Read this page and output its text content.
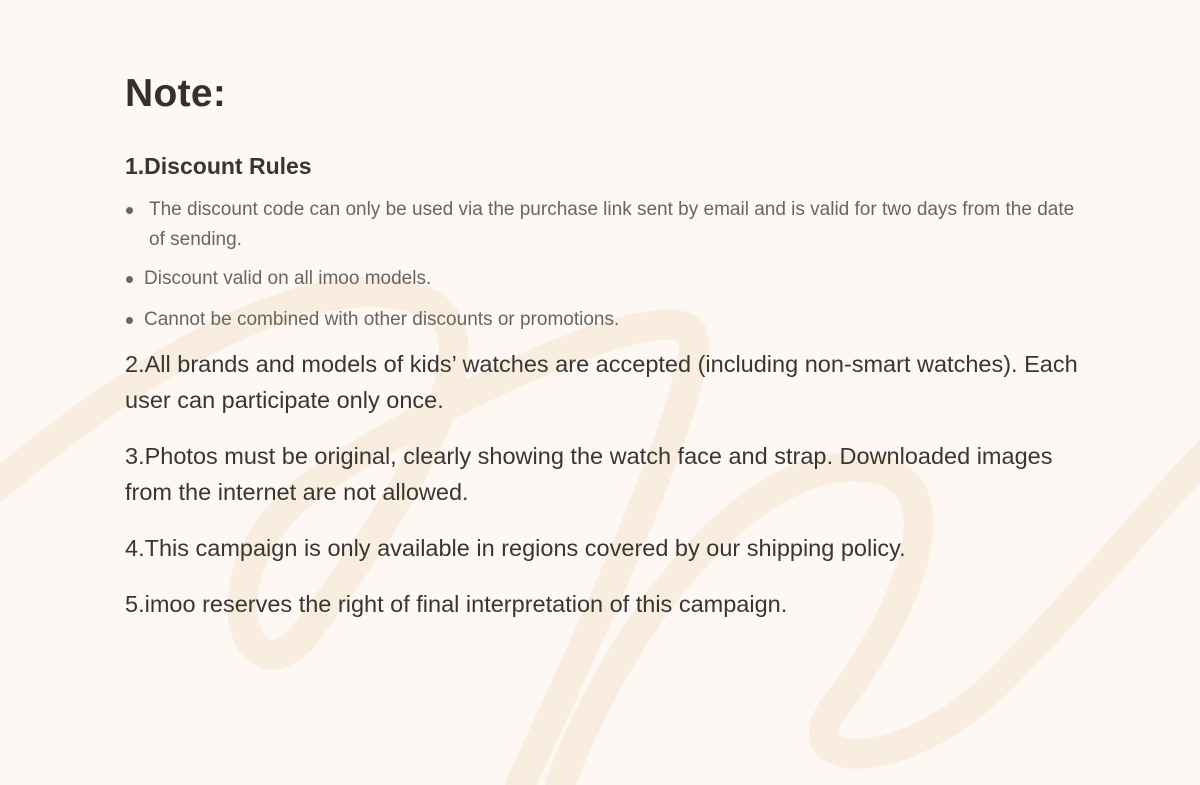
Note:
1.Discount Rules
The discount code can only be used via the purchase link sent by email and is valid for two days from the date of sending.
Discount valid on all imoo models.
Cannot be combined with other discounts or promotions.

2.All brands and models of kids’ watches are accepted (including non-smart watches). Each user can participate only once.

3.Photos must be original, clearly showing the watch face and strap. Downloaded images from the internet are not allowed.

4.This campaign is only available in regions covered by our shipping policy.

5.imoo reserves the right of final interpretation of this campaign.
